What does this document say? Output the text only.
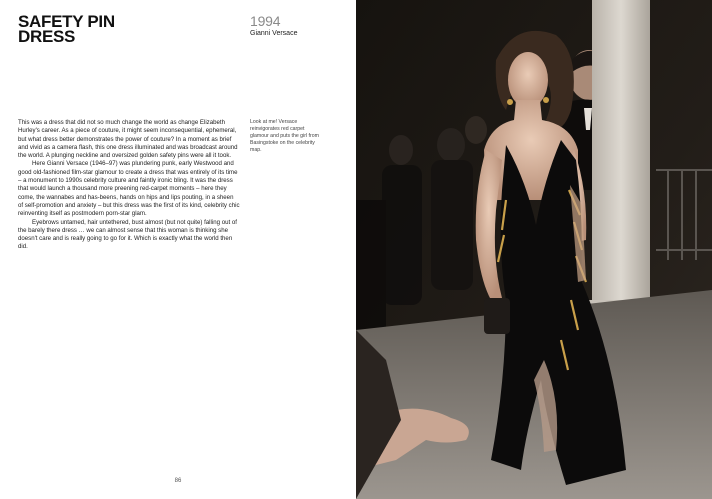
SAFETY PIN
DRESS
1994
Gianni Versace

This was a dress that did not so much change the world as change Elizabeth Hurley's career. As a piece of couture, it might seem inconsequential, ephemeral, but what dress better demonstrates the power of couture? In a moment as brief and vivid as a camera flash, this one dress illuminated and was broadcast around the world. A plunging neckline and oversized golden safety pins were all it took.

Here Gianni Versace (1946–97) was plundering punk, early Westwood and good old-fashioned film-star glamour to create a dress that was entirely of its time – a monument to 1990s celebrity culture and faintly ironic bling. It was the dress that would launch a thousand more preening red-carpet moments – here they come, the wannabes and has-beens, hands on hips and lips pouting, in a sheen of self-promotion and anxiety – but this dress was the first of its kind, celebrity chic reinventing itself as postmodern porn-star glam.

Eyebrows untamed, hair untethered, bust almost (but not quite) falling out of the barely there dress … we can almost sense that this woman is thinking she doesn't care and is really going to go for it. Which is exactly what the world then did.

Look at me! Versace reinvigorates red carpet glamour and puts the girl from Basingstoke on the celebrity map.
86
